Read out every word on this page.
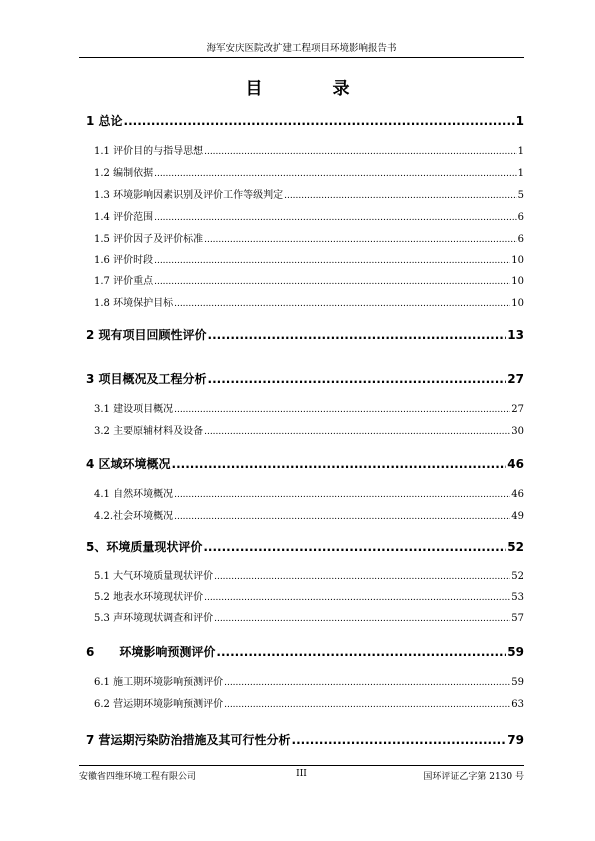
海军安庆医院改扩建工程项目环境影响报告书
目	录
1 总论 .....	1
1.1 评价目的与指导思想 .....	1
1.2 编制依据 .....	1
1.3 环境影响因素识别及评价工作等级判定 .....	5
1.4 评价范围 .....	6
1.5 评价因子及评价标准 .....	6
1.6 评价时段 .....	10
1.7 评价重点 .....	10
1.8 环境保护目标 .....	10
2 现有项目回顾性评价 .....	13
3 项目概况及工程分析 .....	27
3.1 建设项目概况 .....	27
3.2 主要原辅材料及设备 .....	30
4 区域环境概况 .....	46
4.1 自然环境概况 .....	46
4.2.社会环境概况 .....	49
5、环境质量现状评价 .....	52
5.1 大气环境质量现状评价 .....	52
5.2 地表水环境现状评价 .....	53
5.3 声环境现状调查和评价 .....	57
6      环境影响预测评价 .....	59
6.1 施工期环境影响预测评价 .....	59
6.2 营运期环境影响预测评价 .....	63
7 营运期污染防治措施及其可行性分析 .....	79
安徽省四维环境工程有限公司	III	国环评证乙字第 2130 号
